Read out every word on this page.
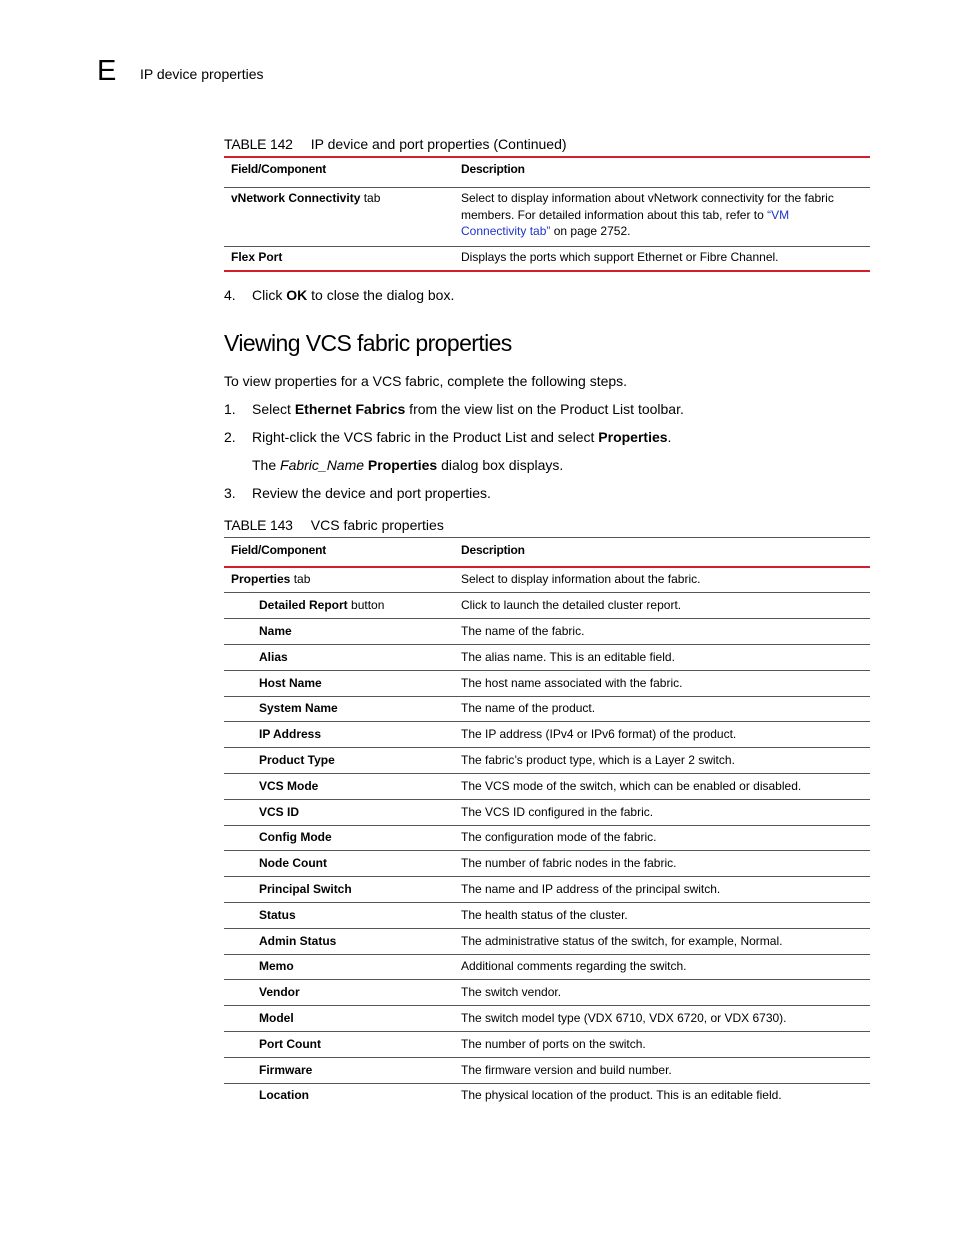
E IP device properties
TABLE 142 IP device and port properties (Continued)
Field/Component	Description
vNetwork Connectivity tab	Select to display information about vNetwork connectivity for the fabric
members. For detailed information about this tab, refer to “VM
Connectivity tab” on page 2752.
Flex Port	Displays the ports which support Ethernet or Fibre Channel.
4. Click OK to close the dialog box.
Viewing VCS fabric properties
To view properties for a VCS fabric, complete the following steps.
1. Select Ethernet Fabrics from the view list on the Product List toolbar.
2. Right-click the VCS fabric in the Product List and select Properties.
The Fabric_Name Properties dialog box displays.
3. Review the device and port properties.
TABLE 143 VCS fabric properties
Field/Component	Description
Properties tab	Select to display information about the fabric.
Detailed Report button	Click to launch the detailed cluster report.
Name	The name of the fabric.
Alias	The alias name. This is an editable field.
Host Name	The host name associated with the fabric.
System Name	The name of the product.
IP Address	The IP address (IPv4 or IPv6 format) of the product.
Product Type	The fabric’s product type, which is a Layer 2 switch.
VCS Mode	The VCS mode of the switch, which can be enabled or disabled.
VCS ID	The VCS ID configured in the fabric.
Config Mode	The configuration mode of the fabric.
Node Count	The number of fabric nodes in the fabric.
Principal Switch	The name and IP address of the principal switch.
Status	The health status of the cluster.
Admin Status	The administrative status of the switch, for example, Normal.
Memo	Additional comments regarding the switch.
Vendor	The switch vendor.
Model	The switch model type (VDX 6710, VDX 6720, or VDX 6730).
Port Count	The number of ports on the switch.
Firmware	The firmware version and build number.
Location	The physical location of the product. This is an editable field.
